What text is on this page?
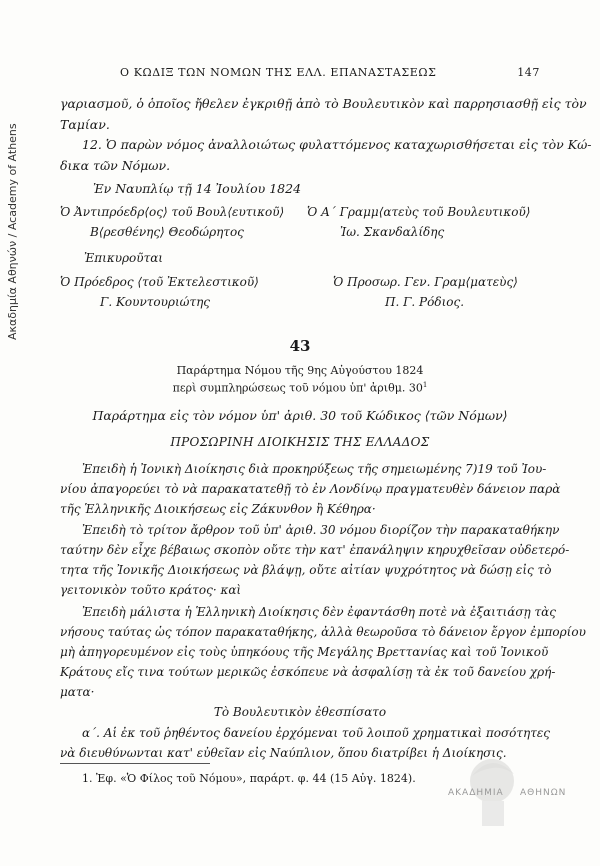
Ακαδημία Αθηνών / Academy of Athens
Ο ΚΩΔΙΞ ΤΩΝ ΝΟΜΩΝ ΤΗΣ ΕΛΛ. ΕΠΑΝΑΣΤΑΣΕΩΣ	147
γαριασμοῦ, ὁ ὁποῖος ἤθελεν ἐγκριθῇ ἀπὸ τὸ Βουλευτικὸν καὶ παρρησιασθῇ εἰς τὸν
Ταμίαν.
12. Ὁ παρὼν νόμος ἀναλλοιώτως φυλαττόμενος καταχωρισθήσεται εἰς τὸν Κώ-
δικα τῶν Νόμων.
Ἐν Ναυπλίῳ τῇ 14 Ἰουλίου 1824
Ὁ Ἀντιπρόεδρ⟨ος⟩ τοῦ Βουλ⟨ευτικοῦ⟩
Β⟨ρεσθένης⟩ Θεοδώρητος
Ὁ Α΄ Γραμμ⟨ατεὺς τοῦ Βουλευτικοῦ⟩
Ἰω. Σκανδαλίδης
Ἐπικυροῦται
Ὁ Πρόεδρος ⟨τοῦ Ἐκτελεστικοῦ⟩
Γ. Κουντουριώτης
Ὁ Προσωρ. Γεν. Γραμ⟨ματεὺς⟩
Π. Γ. Ρόδιος.
43
Παράρτημα Νόμου τῆς 9ης Αὐγούστου 1824
περὶ συμπληρώσεως τοῦ νόμου ὑπ' ἀριθμ. $30^1$
Παράρτημα εἰς τὸν νόμον ὑπ' ἀριθ. 30 τοῦ Κώδικος ⟨τῶν Νόμων⟩
ΠΡΟΣΩΡΙΝΗ ΔΙΟΙΚΗΣΙΣ ΤΗΣ ΕΛΛΑΔΟΣ
Ἐπειδὴ ἡ Ἰονικὴ Διοίκησις διὰ προκηρύξεως τῆς σημειωμένης 7)19 τοῦ Ἰου-
νίου ἀπαγορεύει τὸ νὰ παρακατατεθῇ τὸ ἐν Λονδίνῳ πραγματευθὲν δάνειον παρὰ
τῆς Ἑλληνικῆς Διοικήσεως εἰς Ζάκυνθον ἢ Κέθηρα·
Ἐπειδὴ τὸ τρίτον ἄρθρον τοῦ ὑπ' ἀριθ. 30 νόμου διορίζον τὴν παρακαταθήκην
ταύτην δὲν εἶχε βέβαιως σκοπὸν οὔτε τὴν κατ' ἐπανάληψιν κηρυχθεῖσαν οὐδετερό-
τητα τῆς Ἰονικῆς Διοικήσεως νὰ βλάψῃ, οὔτε αἰτίαν ψυχρότητος νὰ δώσῃ εἰς τὸ
γειτονικὸν τοῦτο κράτος· καὶ
Ἐπειδὴ μάλιστα ἡ Ἑλληνικὴ Διοίκησις δὲν ἐφαντάσθη ποτὲ νὰ ἐξαιτιάσῃ τὰς
νήσους ταύτας ὡς τόπον παρακαταθήκης, ἀλλὰ θεωροῦσα τὸ δάνειον ἔργον ἐμπορίου
μὴ ἀπηγορευμένον εἰς τοὺς ὑπηκόους τῆς Μεγάλης Βρεττανίας καὶ τοῦ Ἰονικοῦ
Κράτους εἴς τινα τούτων μερικῶς ἐσκόπευε νὰ ἀσφαλίσῃ τὰ ἐκ τοῦ δανείου χρή-
ματα·
Τὸ Βουλευτικὸν ἐθεσπίσατο
α΄. Αἱ ἐκ τοῦ ῥηθέντος δανείου ἐρχόμεναι τοῦ λοιποῦ χρηματικαὶ ποσότητες
νὰ διευθύνωνται κατ' εὐθεῖαν εἰς Ναύπλιον, ὅπου διατρίβει ἡ Διοίκησις.
1. Ἐφ. «Ὁ Φίλος τοῦ Νόμου», παράρτ. φ. 44 (15 Αὐγ. 1824).
ΑΚΑΔΗΜΙΑ ΑΘΗΝΩΝ
